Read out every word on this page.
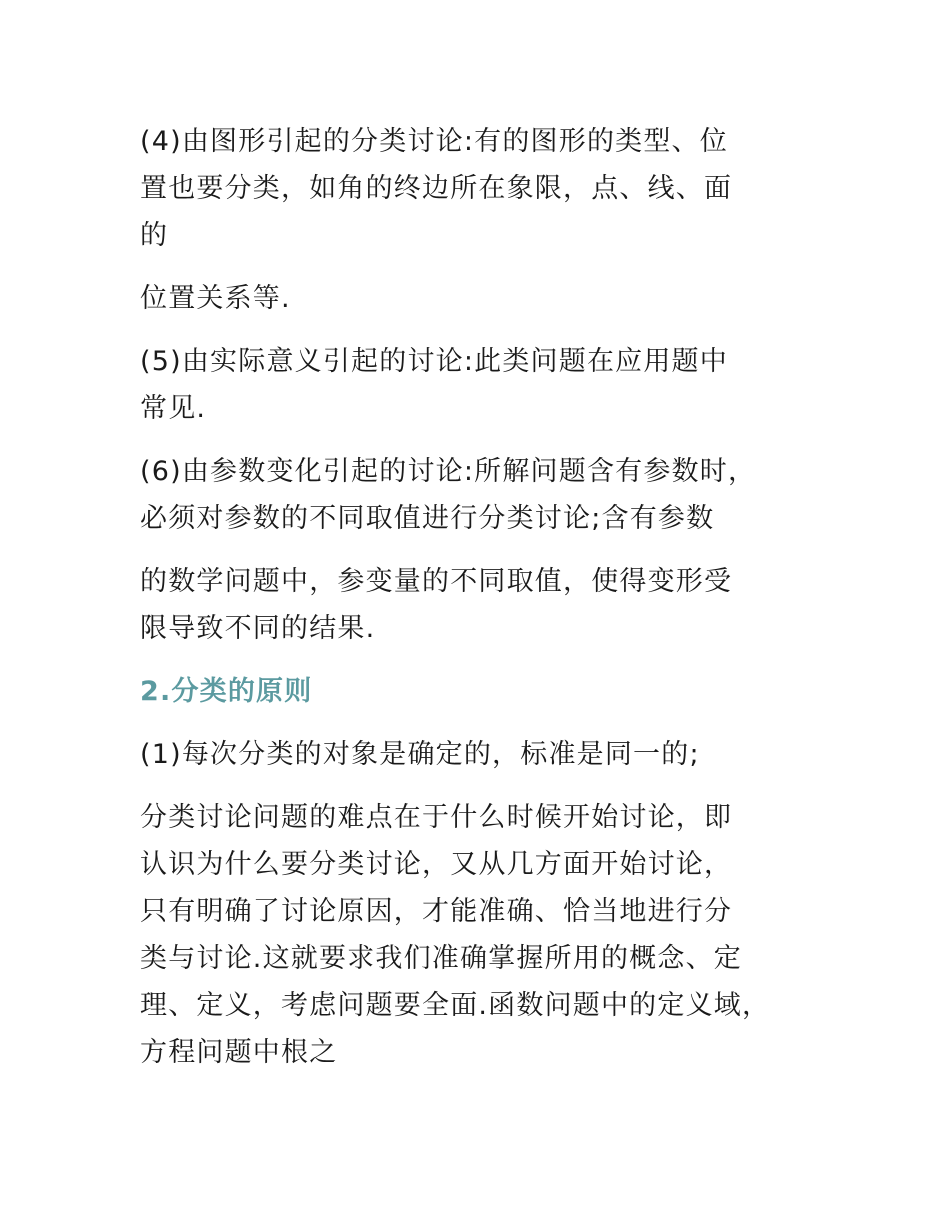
(4)由图形引起的分类讨论:有的图形的类型、位
置也要分类，如角的终边所在象限，点、线、面
的

位置关系等.

(5)由实际意义引起的讨论:此类问题在应用题中
常见.

(6)由参数变化引起的讨论:所解问题含有参数时，
必须对参数的不同取值进行分类讨论;含有参数

的数学问题中，参变量的不同取值，使得变形受
限导致不同的结果.

2.分类的原则

(1)每次分类的对象是确定的，标准是同一的;

分类讨论问题的难点在于什么时候开始讨论，即
认识为什么要分类讨论，又从几方面开始讨论，
只有明确了讨论原因，才能准确、恰当地进行分
类与讨论.这就要求我们准确掌握所用的概念、定
理、定义，考虑问题要全面.函数问题中的定义域，
方程问题中根之
